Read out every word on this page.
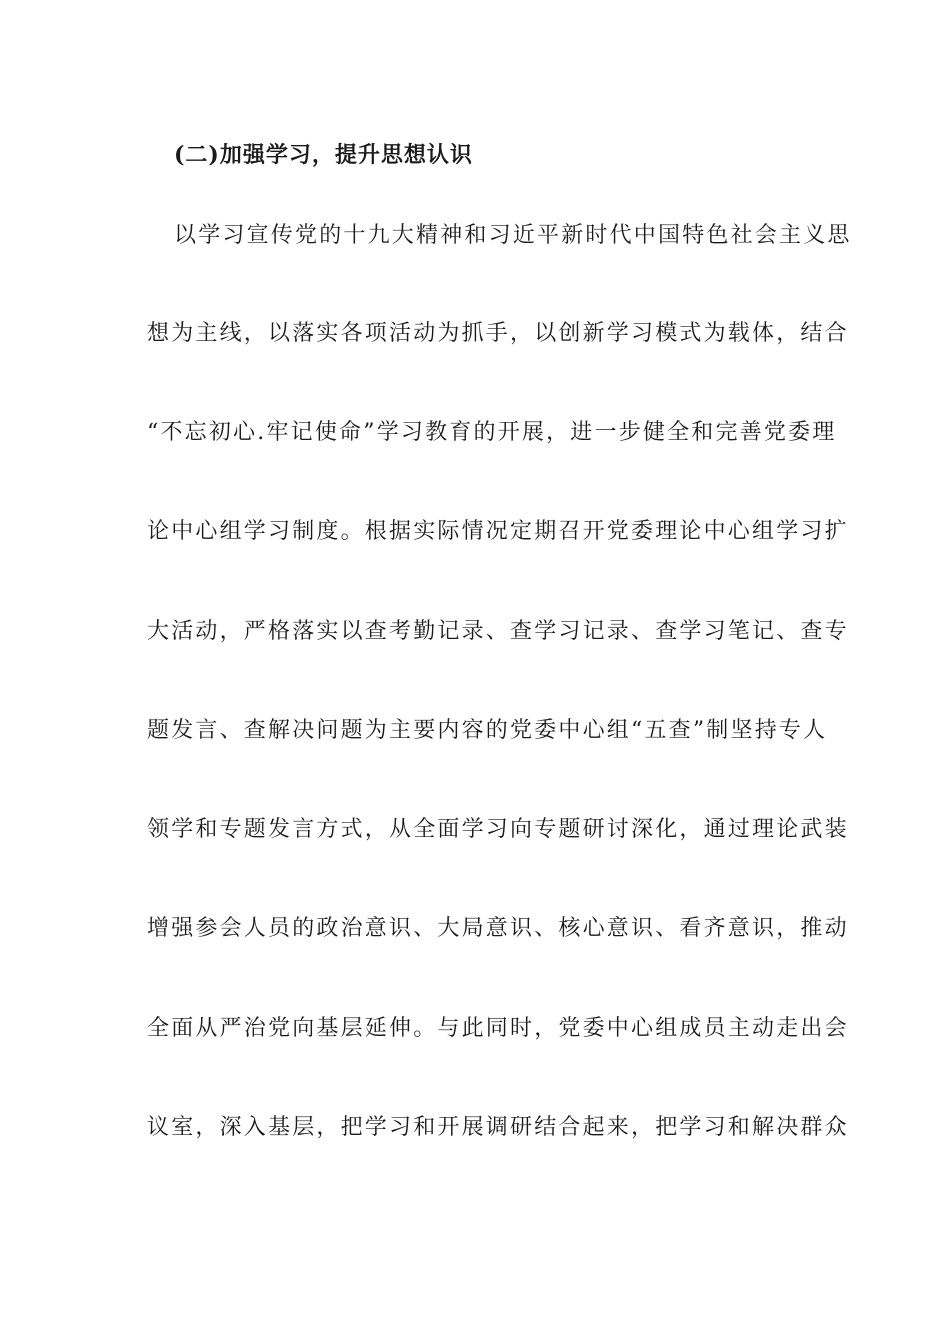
(二)加强学习，提升思想认识
以学习宣传党的十九大精神和习近平新时代中国特色社会主义思
想为主线，以落实各项活动为抓手，以创新学习模式为载体，结合
“不忘初心.牢记使命”学习教育的开展，进一步健全和完善党委理
论中心组学习制度。根据实际情况定期召开党委理论中心组学习扩
大活动，严格落实以查考勤记录、查学习记录、查学习笔记、查专
题发言、查解决问题为主要内容的党委中心组“五查”制坚持专人
领学和专题发言方式，从全面学习向专题研讨深化，通过理论武装
增强参会人员的政治意识、大局意识、核心意识、看齐意识，推动
全面从严治党向基层延伸。与此同时，党委中心组成员主动走出会
议室，深入基层，把学习和开展调研结合起来，把学习和解决群众
